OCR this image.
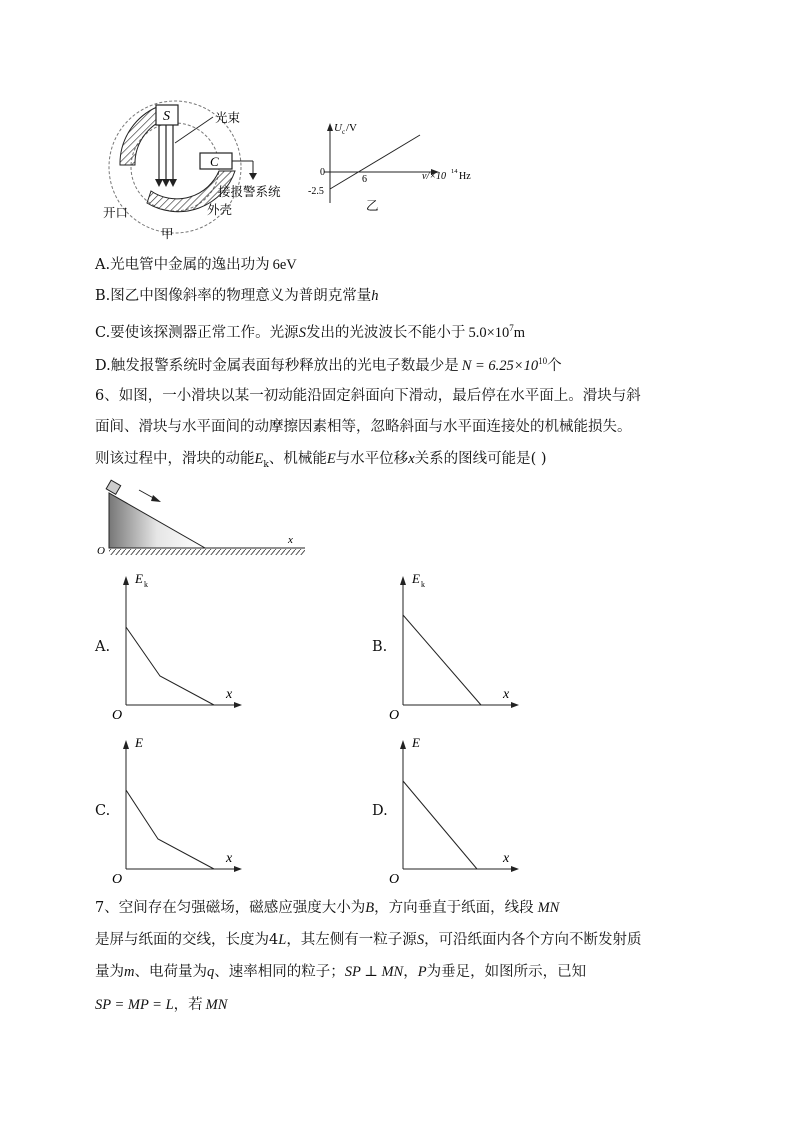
S	光束
C
接报警系统
外壳
开口
甲
U c /V
0
-2.5
6	ν/×10 14 Hz
乙
A.光电管中金属的逸出功为 6eV
B.图乙中图像斜率的物理意义为普朗克常量h
C.要使该探测器正常工作。光源S发出的光波波长不能小于 $5.0\times 10^7m$
D.触发报警系统时金属表面每秒释放出的光电子数最少是 $N = 6.25\times 10^{10}$个
6、如图，一小滑块以某一初动能沿固定斜面向下滑动，最后停在水平面上。滑块与斜
面间、滑块与水平面间的动摩擦因素相等，忽略斜面与水平面连接处的机械能损失。
则该过程中，滑块的动能$E_k$、机械能E与水平位移x关系的图线可能是( )
O
x
A.
E k
x
O
B.
E k
x
O
C.
E
x
O
D.
E
x
O
7、空间存在匀强磁场，磁感应强度大小为B，方向垂直于纸面，线段 MN
是屏与纸面的交线，长度为4L，其左侧有一粒子源S，可沿纸面内各个方向不断发射质
量为m、电荷量为q、速率相同的粒子；SP ⊥ MN，P为垂足，如图所示，已知
SP = MP = L，若 MN
